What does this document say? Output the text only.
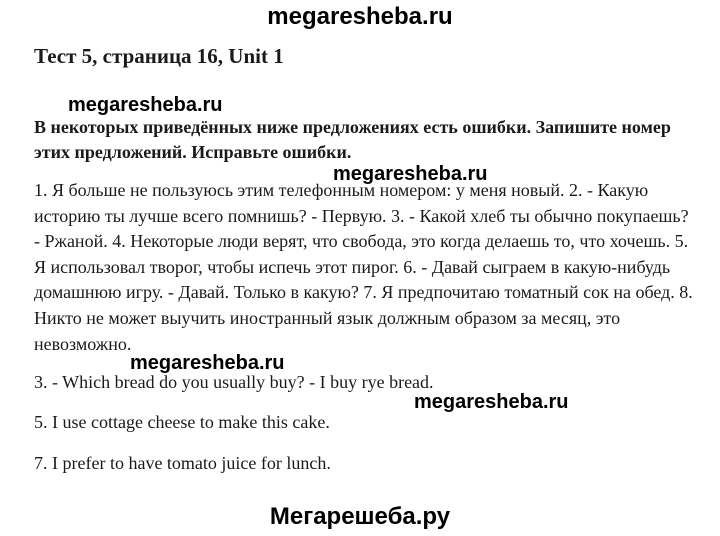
megaresheba.ru
Тест 5, страница 16, Unit 1
В некоторых приведённых ниже предложениях есть ошибки. Запишите номер этих предложений. Исправьте ошибки.

1. Я больше не пользуюсь этим телефонным номером: у меня новый. 2. - Какую историю ты лучше всего помнишь? - Первую. 3. - Какой хлеб ты обычно покупаешь? - Ржаной. 4. Некоторые люди верят, что свобода, это когда делаешь то, что хочешь. 5. Я использовал творог, чтобы испечь этот пирог. 6. - Давай сыграем в какую-нибудь домашнюю игру. - Давай. Только в какую? 7. Я предпочитаю томатный сок на обед. 8. Никто не может выучить иностранный язык должным образом за месяц, это невозможно.

3. - Which bread do you usually buy? - I buy rye bread.

5. I use cottage cheese to make this cake.

7. I prefer to have tomato juice for lunch.

megaresheba.ru
megaresheba.ru
megaresheba.ru
megaresheba.ru
Мегарешеба.ру
